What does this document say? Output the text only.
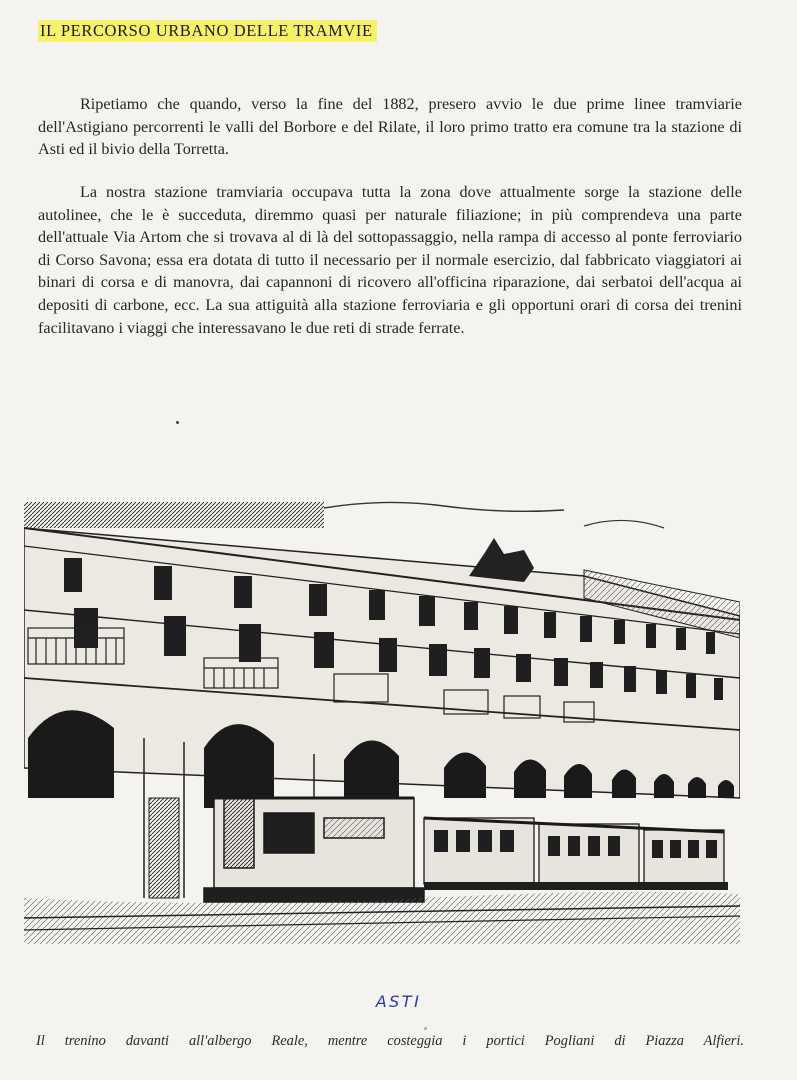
IL PERCORSO URBANO DELLE TRAMVIE

Ripetiamo che quando, verso la fine del 1882, presero avvio le due prime linee tramviarie dell'Astigiano percorrenti le valli del Borbore e del Rilate, il loro primo tratto era comune tra la stazione di Asti ed il bivio della Torretta.

La nostra stazione tramviaria occupava tutta la zona dove attualmente sorge la stazione delle autolinee, che le è succeduta, diremmo quasi per naturale filiazione; in più comprendeva una parte dell'attuale Via Artom che si trovava al di là del sottopassaggio, nella rampa di accesso al ponte ferroviario di Corso Savona; essa era dotata di tutto il necessario per il normale esercizio, dal fabbricato viaggiatori ai binari di corsa e di manovra, dai capannoni di ricovero all'officina riparazione, dai serbatoi dell'acqua ai depositi di carbone, ecc. La sua attiguità alla stazione ferroviaria e gli opportuni orari di corsa dei trenini facilitavano i viaggi che interessavano le due reti di strade ferrate.

ASTI
Il trenino davanti all'albergo Reale, mentre costeggia i portici Pogliani di Piazza Alfieri.
